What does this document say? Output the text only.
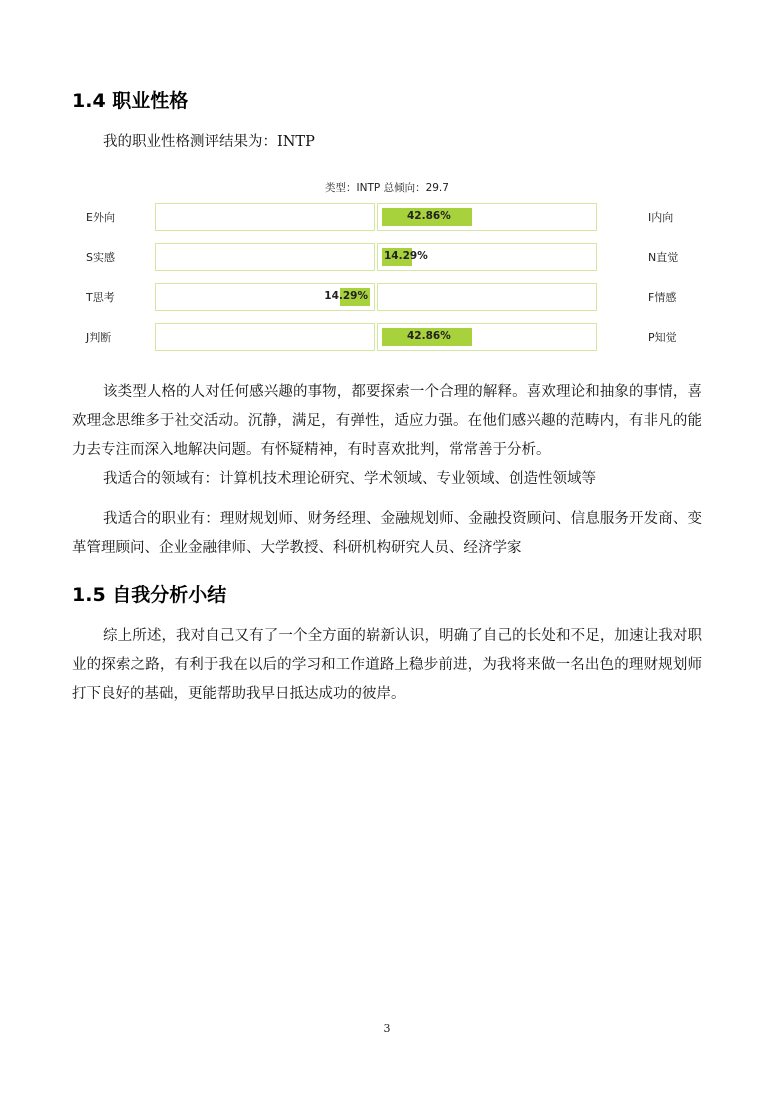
1.4 职业性格

我的职业性格测评结果为：INTP

类型：INTP 总倾向：29.7
E外向	42.86%	I内向
S实感	14.29%	N直觉
T思考	14.29%	F情感
J判断	42.86%	P知觉

该类型人格的人对任何感兴趣的事物，都要探索一个合理的解释。喜欢理论和抽象的事情，喜欢理念思维多于社交活动。沉静，满足，有弹性，适应力强。在他们感兴趣的范畴内，有非凡的能力去专注而深入地解决问题。有怀疑精神，有时喜欢批判，常常善于分析。

我适合的领域有：计算机技术理论研究、学术领域、专业领域、创造性领域等

我适合的职业有：理财规划师、财务经理、金融规划师、金融投资顾问、信息服务开发商、变革管理顾问、企业金融律师、大学教授、科研机构研究人员、经济学家

1.5 自我分析小结

综上所述，我对自己又有了一个全方面的崭新认识，明确了自己的长处和不足，加速让我对职业的探索之路，有利于我在以后的学习和工作道路上稳步前进，为我将来做一名出色的理财规划师打下良好的基础，更能帮助我早日抵达成功的彼岸。

3
